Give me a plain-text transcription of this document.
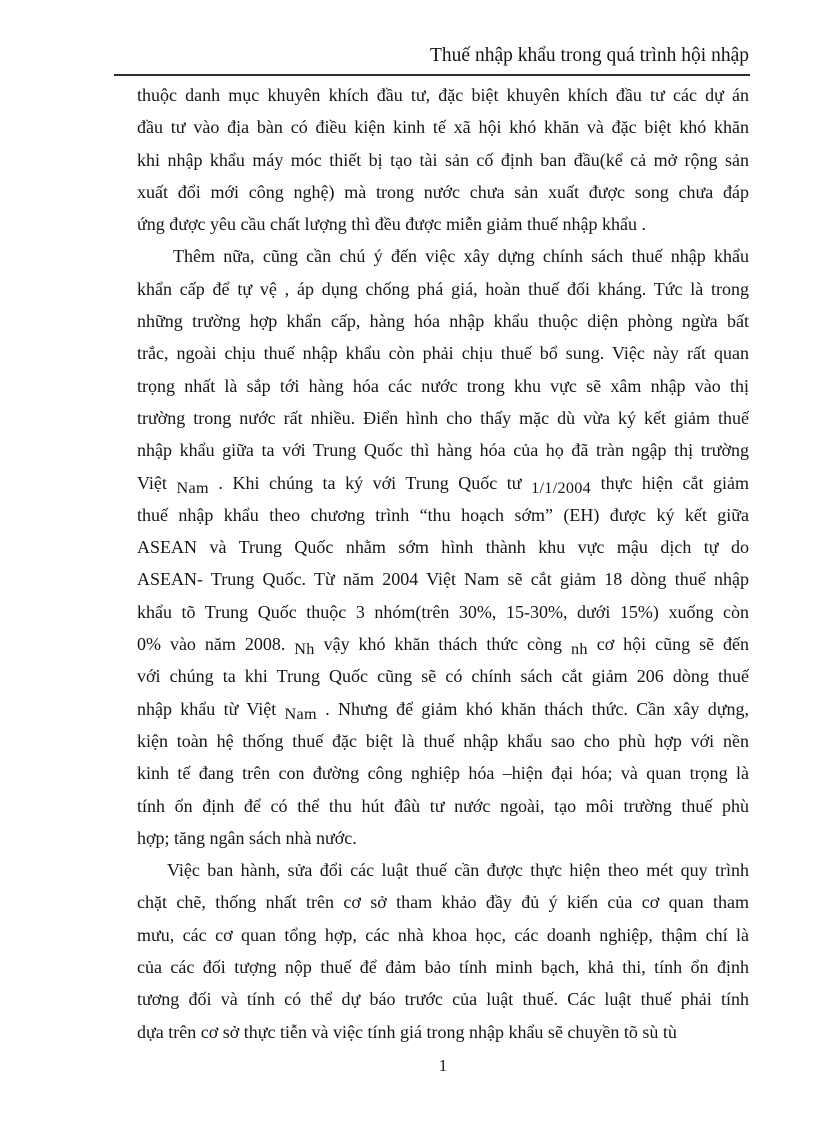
Thuế nhập khẩu trong quá trình hội nhập
thuộc danh mục khuyên khích đầu tư, đặc biệt khuyên khích đầu tư các dự án
đầu tư vào địa bàn có điều kiện kinh tế xã hội khó khăn và đặc biệt khó khăn
khi nhập khẩu máy móc thiết bị tạo tài sản cố định ban đầu(kể cả mở rộng sản
xuất đổi mới công nghệ) mà trong nước chưa sản xuất được song chưa đáp
ứng được yêu cầu chất lượng thì đều được miễn giảm thuế nhập khẩu .
Thêm nữa, cũng cần chú ý đến việc xây dựng chính sách thuế nhập khẩu
khẩn cấp để tự vệ , áp dụng chống phá giá, hoàn thuế đối kháng. Tức là trong
những trường hợp khẩn cấp, hàng hóa nhập khẩu thuộc diện phòng ngừa bất
trắc, ngoài chịu thuế nhập khẩu còn phải chịu thuế bổ sung. Việc này rất quan
trọng nhất là sắp tới hàng hóa các nước trong khu vực sẽ xâm nhập vào thị
trường trong nước rất nhiều. Điển hình cho thấy mặc dù vừa ký kết giảm thuế
nhập khẩu giữa ta với Trung Quốc thì hàng hóa của họ đã tràn ngập thị trường
Việt Nam . Khi chúng ta ký với Trung Quốc tư 1/1/2004 thực hiện cắt giảm
thuế nhập khẩu theo chương trình “thu hoạch sớm” (EH) được ký kết giữa
ASEAN và Trung Quốc nhằm sớm hình thành khu vực mậu dịch tự do
ASEAN- Trung Quốc. Từ năm 2004 Việt Nam sẽ cắt giảm 18 dòng thuế nhập
khẩu tõ Trung Quốc thuộc 3 nhóm(trên 30%, 15-30%, dưới 15%) xuống còn
0% vào năm 2008. Nh vậy khó khăn thách thức còng nh cơ hội cũng sẽ đến
với chúng ta khi Trung Quốc cũng sẽ có chính sách cắt giảm 206 dòng thuế
nhập khẩu từ Việt Nam . Nhưng để giảm khó khăn thách thức. Cần xây dựng,
kiện toàn hệ thống thuế đặc biệt là thuế nhập khẩu sao cho phù hợp với nền
kinh tế đang trên con đường công nghiệp hóa –hiện đại hóa; và quan trọng là
tính ổn định để có thể thu hút đâù tư nước ngoài, tạo môi trường thuế phù
hợp; tăng ngân sách nhà nước.
Việc ban hành, sửa đổi các luật thuế cần được thực hiện theo mét quy trình
chặt chẽ, thống nhất trên cơ sở tham khảo đầy đủ ý kiến của cơ quan tham
mưu, các cơ quan tổng hợp, các nhà khoa học, các doanh nghiệp, thậm chí là
của các đối tượng nộp thuế để đảm bảo tính minh bạch, khả thi, tính ổn định
tương đối và tính có thể dự báo trước của luật thuế. Các luật thuế phải tính
dựa trên cơ sở thực tiễn và việc tính giá trong nhập khẩu sẽ chuyền tõ sù tù
1
